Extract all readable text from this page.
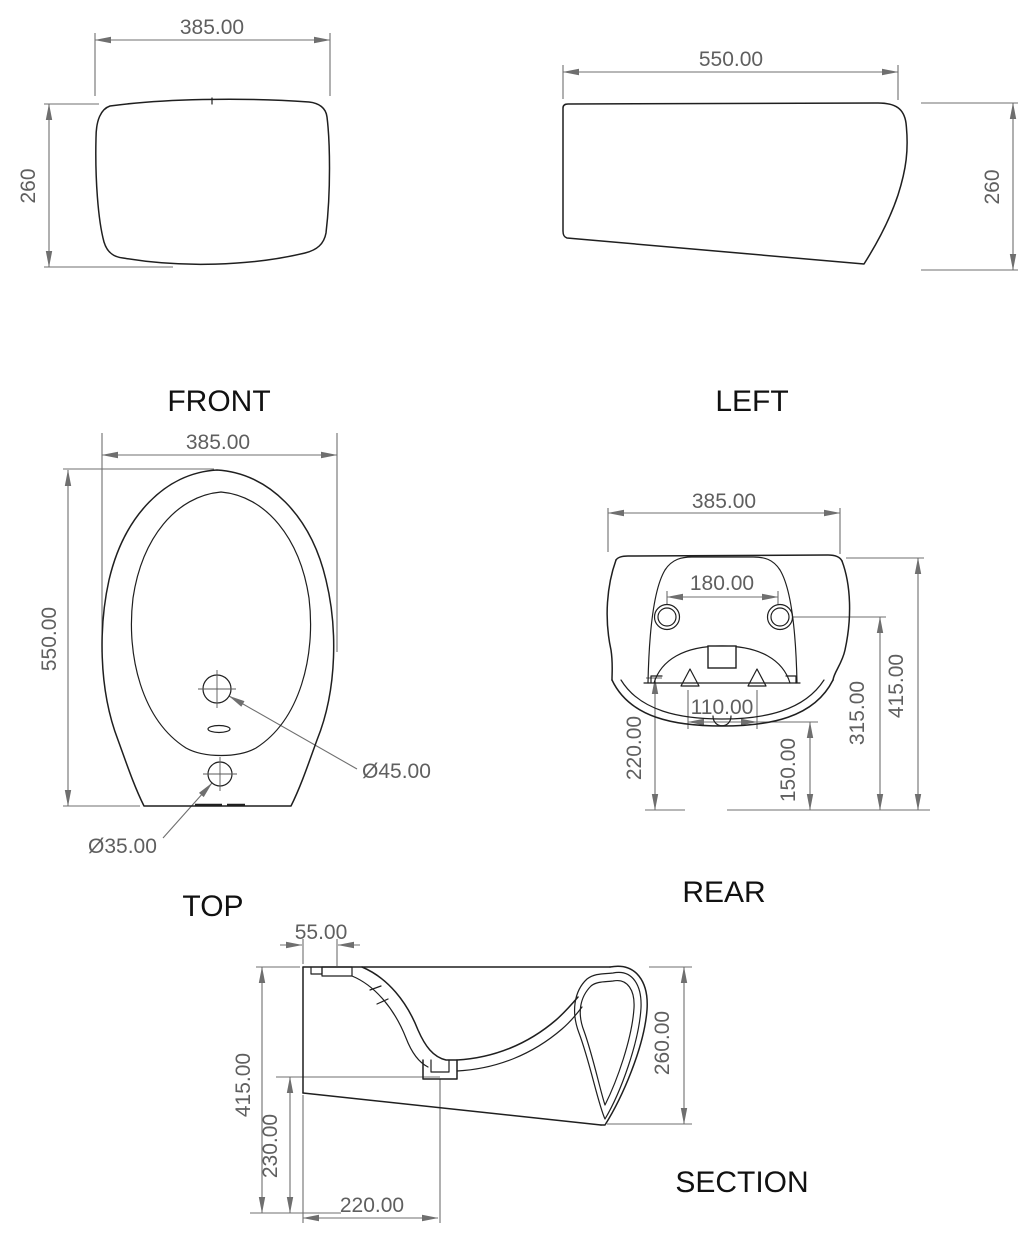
385.00
260
FRONT
550.00
260
LEFT
385.00
550.00
Ø45.00
Ø35.00
TOP
385.00
180.00
220.00	150.00
315.00 415.00
110.00
REAR
55.00
415.00
230.00
220.00
260.00
SECTION
